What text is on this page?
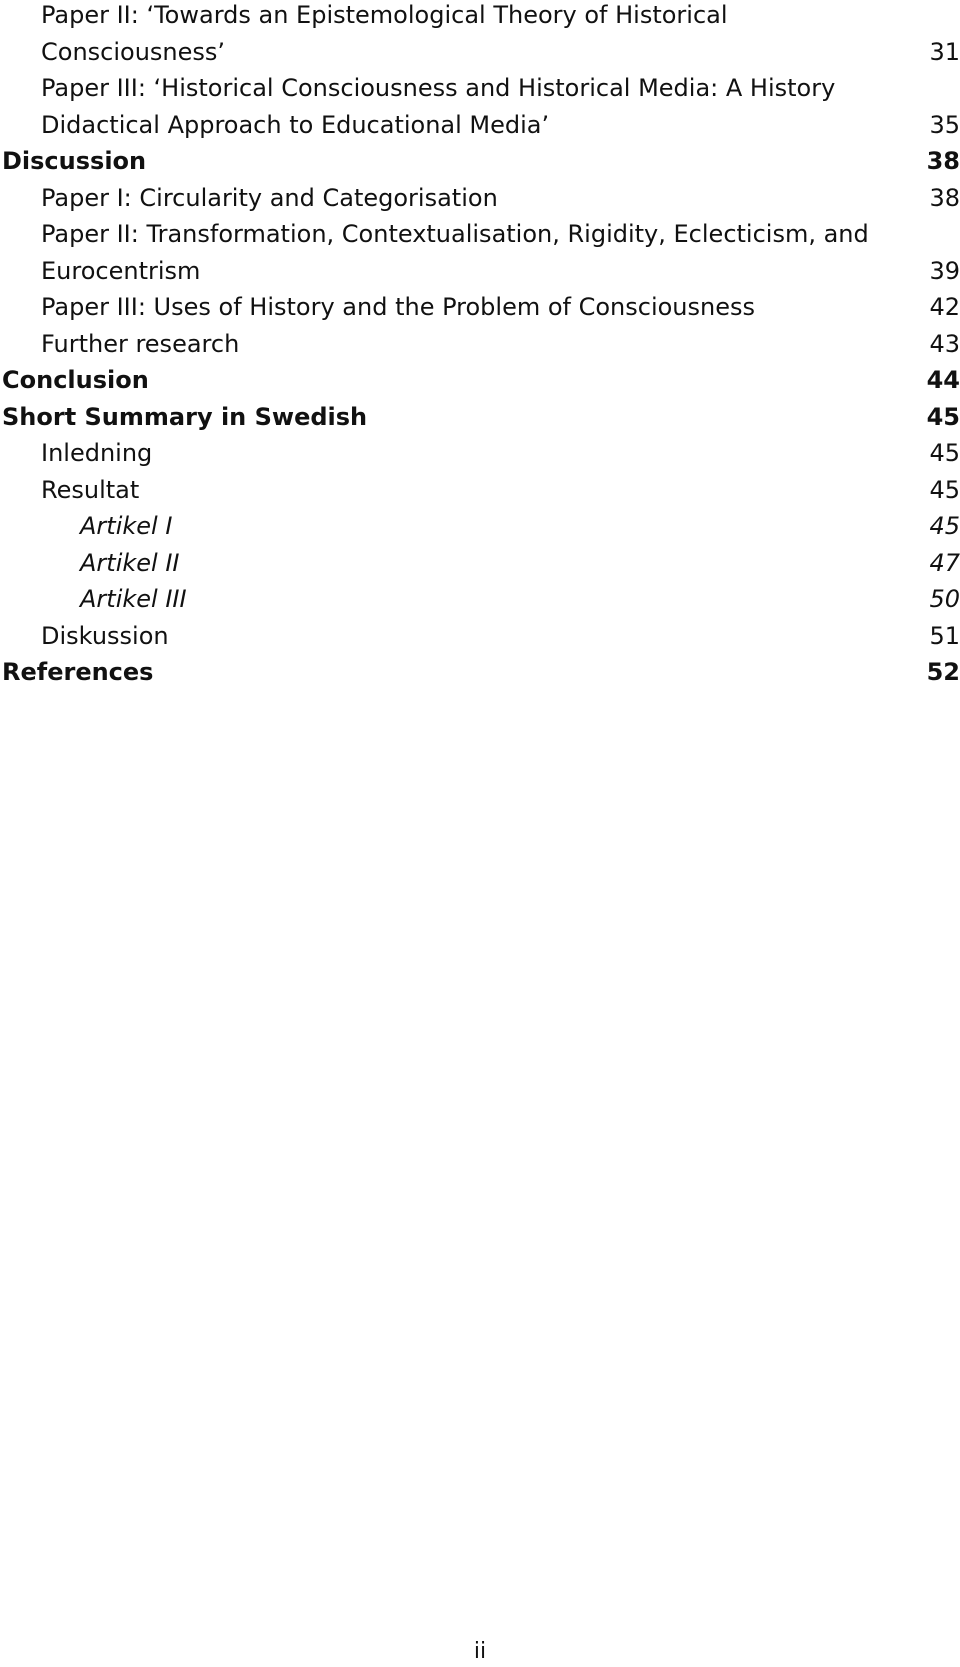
Paper II: ‘Towards an Epistemological Theory of Historical
Consciousness’	31
Paper III: ‘Historical Consciousness and Historical Media: A History
Didactical Approach to Educational Media’	35
Discussion	38
Paper I: Circularity and Categorisation	38
Paper II: Transformation, Contextualisation, Rigidity, Eclecticism, and
Eurocentrism	39
Paper III: Uses of History and the Problem of Consciousness	42
Further research	43
Conclusion	44
Short Summary in Swedish	45
Inledning	45
Resultat	45
Artikel I	45
Artikel II	47
Artikel III	50
Diskussion	51
References	52
ii
